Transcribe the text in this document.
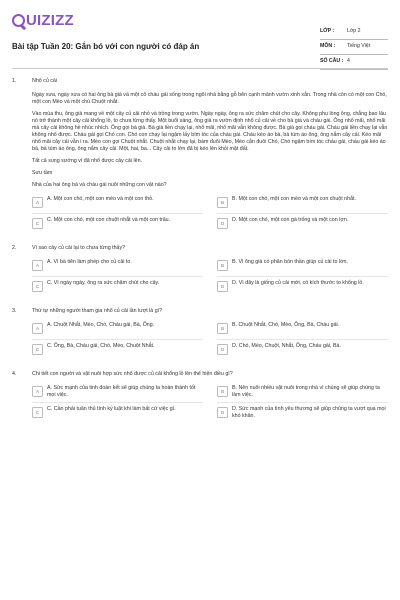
UIZIZZ
Bài tập Tuần 20: Gắn bó với con người có đáp án
LỚP : Lớp 2
MÔN : Tiếng Việt
SỐ CÂU : 4
1.	Nhổ củ cải

Ngày xưa, ngày xưa có hai ông bà già và một cô cháu gái sống trong ngôi nhà bằng gỗ bên cạnh mảnh vườn xinh xắn. Trong nhà còn có một con Chó, một con Mèo và một chú Chuột nhắt.

Vào mùa thu, ông già mang về một cây củ cải nhỏ và trồng trong vườn. Ngày ngày, ông ra sức chăm chút cho cây. Không phụ lòng ông, chẳng bao lâu nó trở thành một cây cải khổng lồ, to chưa từng thấy. Một buổi sáng, ông già ra vườn định nhổ củ cải về cho bà già và cháu gái. Ông nhổ mãi, nhổ mãi mà cây cải không hề nhúc nhích. Ông gọi bà già. Bà già liền chạy lại, nhổ mãi, nhổ mãi vẫn không được. Bà già gọi cháu gái. Cháu gái liền chạy lại vẫn không nhổ được. Cháu gái gọi Chó con. Chó con chạy lại ngậm lấy bím tóc của cháu gái. Cháu kéo áo bà, bà túm áo ông, ông nắm cây cải. Kéo mãi nhổ mãi cây cải vẫn i ra. Mèo con gọi Chuột nhắt. Chuột nhắt chạy lại, bám đuôi Mèo, Mèo cắn đuôi Chó, Chó ngậm bím tóc cháu gái, cháu gái kéo áo bà, bà túm áo ông, ông nắm cây cải. Một, hai, ba... Cây cải to lớn đã bị kéo lên khỏi mặt đất.

Tất cả sung sướng vì đã nhổ được cây cải lên.

Sưu tầm

Nhà của hai ông bà và cháu gái nuôi những con vật nào?
A
A. Một con chó, một con mèo và một con thỏ.
B
B. Một con chó, một con mèo và một con chuột nhắt.
C
C. Một con chó, một con chuột nhắt và một con trâu.
D
D. Một con chó, một con gà trống và một con lợn.
2.	Vì sao cây củ cải lại to chưa từng thấy?
A
A. Vì bà tiên làm phép cho củ cải to.
B
B. Vì ông già có phân bón thần giúp củ cải to lớn.
C
C. Vì ngày ngày, ông ra sức chăm chút cho cây.
D
D. Vì đây là giống củ cải mới, có kích thước to khổng lồ.
3.	Thứ tự những người tham gia nhổ củ cải lần lượt là gì?
A
A. Chuột Nhắt, Mèo, Chó, Cháu gái, Bà, Ông.
B
B. Chuột Nhắt, Chó, Mèo, Ông, Bà, Cháu gái.
C
C. Ông, Bà, Cháu gái, Chó, Mèo, Chuột Nhắt.
D
D. Chó, Mèo, Chuột, Nhắt, Ông, Cháu gái, Bà.
4.	Chi tiết con người và vật nuôi hợp sức nhổ được củ cải khổng lồ lên thể hiện điều gì?
A
A. Sức mạnh của tinh đoàn kết sẽ giúp chúng ta hoàn thành tốt mọi việc.
B
B. Nên nuôi nhiều vật nuôi trong nhà vì chúng sẽ giúp chúng ta làm việc.
C
C. Cần phải tuân thủ tính kỷ luật khi làm bất cứ việc gì.
D
D. Sức mạnh của tình yêu thương sẽ giúp chúng ta vượt qua mọi khó khăn.
